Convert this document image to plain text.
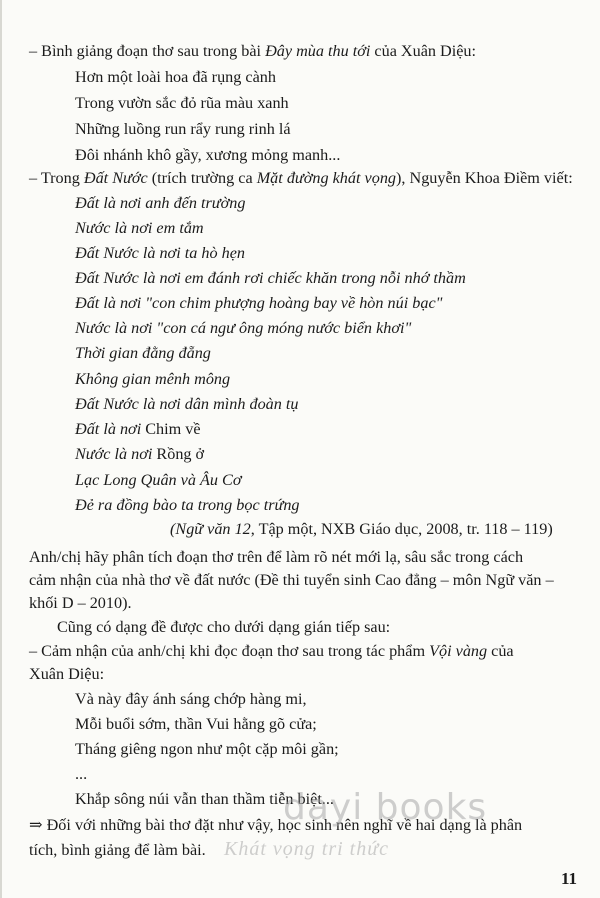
– Bình giảng đoạn thơ sau trong bài Đây mùa thu tới của Xuân Diệu:
Hơn một loài hoa đã rụng cành
Trong vườn sắc đỏ rũa màu xanh
Những luồng run rẩy rung rinh lá
Đôi nhánh khô gầy, xương mỏng manh...
– Trong Đất Nước (trích trường ca Mặt đường khát vọng), Nguyễn Khoa Điềm viết:
Đất là nơi anh đến trường
Nước là nơi em tắm
Đất Nước là nơi ta hò hẹn
Đất Nước là nơi em đánh rơi chiếc khăn trong nỗi nhớ thầm
Đất là nơi "con chim phượng hoàng bay về hòn núi bạc"
Nước là nơi "con cá ngư ông móng nước biển khơi"
Thời gian đằng đẵng
Không gian mênh mông
Đất Nước là nơi dân mình đoàn tụ
Đất là nơi Chim về
Nước là nơi Rồng ở
Lạc Long Quân và Âu Cơ
Đẻ ra đồng bào ta trong bọc trứng
(Ngữ văn 12, Tập một, NXB Giáo dục, 2008, tr. 118 – 119)
Anh/chị hãy phân tích đoạn thơ trên để làm rõ nét mới lạ, sâu sắc trong cách
cảm nhận của nhà thơ về đất nước (Đề thi tuyển sinh Cao đẳng – môn Ngữ văn –
khối D – 2010).
Cũng có dạng đề được cho dưới dạng gián tiếp sau:
– Cảm nhận của anh/chị khi đọc đoạn thơ sau trong tác phẩm Vội vàng của
Xuân Diệu:
Và này đây ánh sáng chớp hàng mi,
Mỗi buổi sớm, thần Vui hằng gõ cửa;
Tháng giêng ngon như một cặp môi gần;
...
Khắp sông núi vẫn than thầm tiễn biệt...
⇒ Đối với những bài thơ đặt như vậy, học sinh nên nghĩ về hai dạng là phân
tích, bình giảng để làm bài.
dayi books
Khát vọng tri thức
11
